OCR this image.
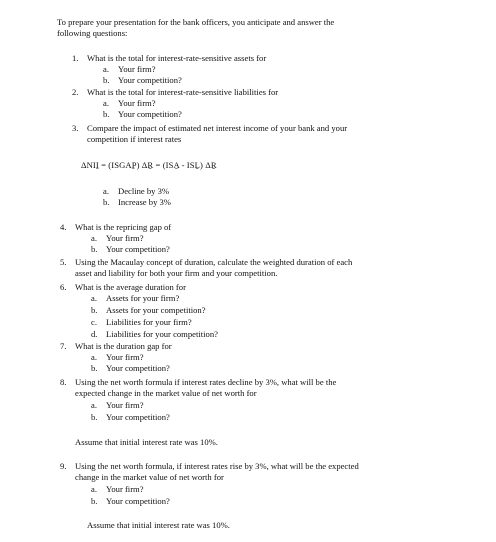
To prepare your presentation for the bank officers, you anticipate and answer the
following questions:
1. What is the total for interest-rate-sensitive assets for
a. Your firm?
b. Your competition?
2. What is the total for interest-rate-sensitive liabilities for
a. Your firm?
b. Your competition?
3. Compare the impact of estimated net interest income of your bank and your
competition if interest rates
ΔNII̱ = (ISGAP̱) ΔṞ = (ISA̱ - ISḺ) ΔṞ
a. Decline by 3%
b. Increase by 3%
4. What is the repricing gap of
a. Your firm?
b. Your competition?
5. Using the Macaulay concept of duration, calculate the weighted duration of each
asset and liability for both your firm and your competition.
6. What is the average duration for
a. Assets for your firm?
b. Assets for your competition?
c. Liabilities for your firm?
d. Liabilities for your competition?
7. What is the duration gap for
a. Your firm?
b. Your competition?
8. Using the net worth formula if interest rates decline by 3%, what will be the
expected change in the market value of net worth for
a. Your firm?
b. Your competition?
Assume that initial interest rate was 10%.
9. Using the net worth formula, if interest rates rise by 3%, what will be the expected
change in the market value of net worth for
a. Your firm?
b. Your competition?
Assume that initial interest rate was 10%.
